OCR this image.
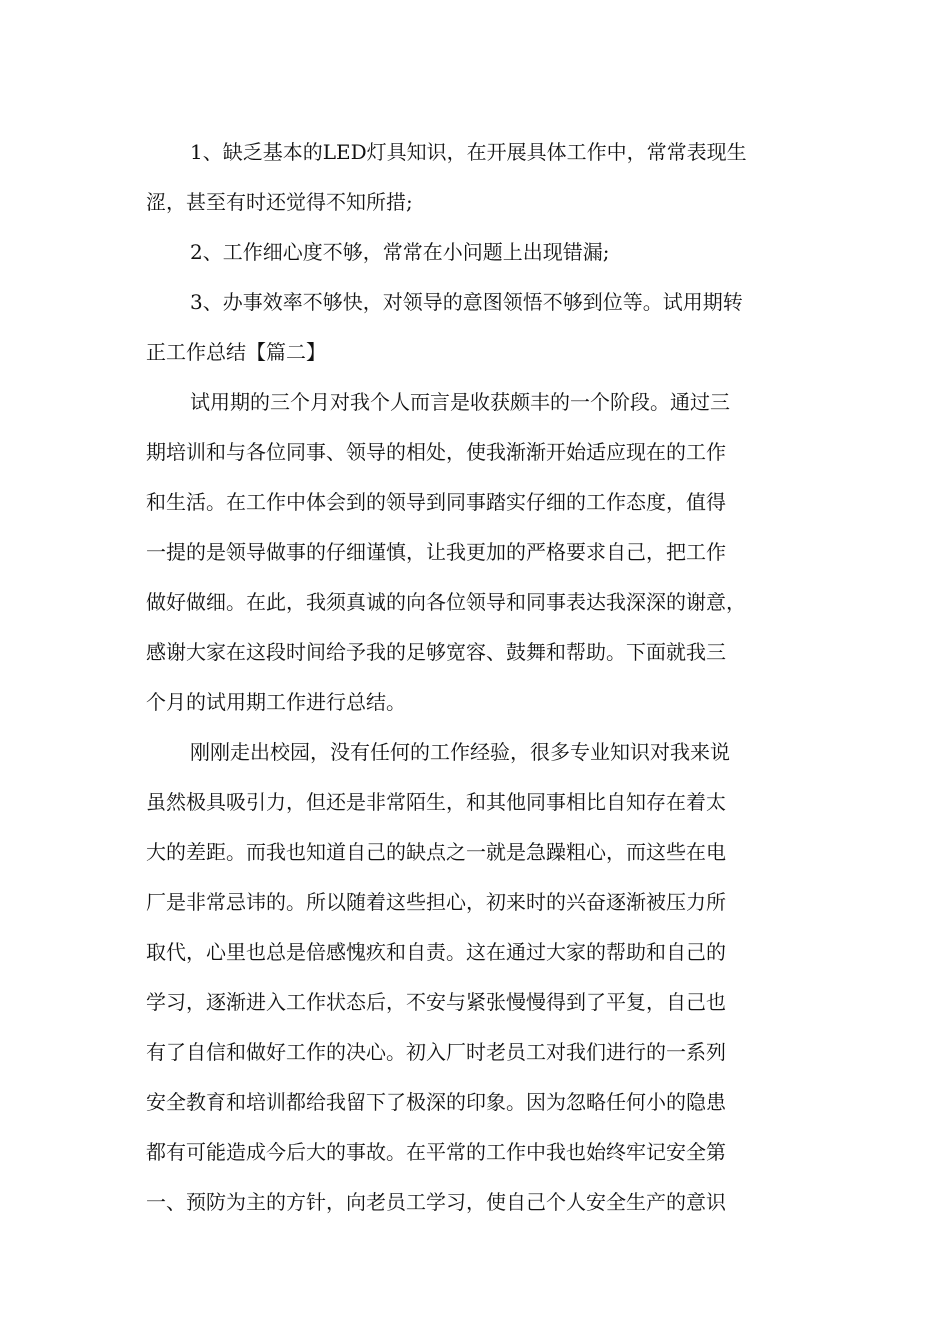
1、缺乏基本的LED灯具知识，在开展具体工作中，常常表现生
涩，甚至有时还觉得不知所措;
2、工作细心度不够，常常在小问题上出现错漏;
3、办事效率不够快，对领导的意图领悟不够到位等。试用期转
正工作总结【篇二】
试用期的三个月对我个人而言是收获颇丰的一个阶段。通过三
期培训和与各位同事、领导的相处，使我渐渐开始适应现在的工作
和生活。在工作中体会到的领导到同事踏实仔细的工作态度，值得
一提的是领导做事的仔细谨慎，让我更加的严格要求自己，把工作
做好做细。在此，我须真诚的向各位领导和同事表达我深深的谢意，
感谢大家在这段时间给予我的足够宽容、鼓舞和帮助。下面就我三
个月的试用期工作进行总结。
刚刚走出校园，没有任何的工作经验，很多专业知识对我来说
虽然极具吸引力，但还是非常陌生，和其他同事相比自知存在着太
大的差距。而我也知道自己的缺点之一就是急躁粗心，而这些在电
厂是非常忌讳的。所以随着这些担心，初来时的兴奋逐渐被压力所
取代，心里也总是倍感愧疚和自责。这在通过大家的帮助和自己的
学习，逐渐进入工作状态后，不安与紧张慢慢得到了平复，自己也
有了自信和做好工作的决心。初入厂时老员工对我们进行的一系列
安全教育和培训都给我留下了极深的印象。因为忽略任何小的隐患
都有可能造成今后大的事故。在平常的工作中我也始终牢记安全第
一、预防为主的方针，向老员工学习，使自己个人安全生产的意识
